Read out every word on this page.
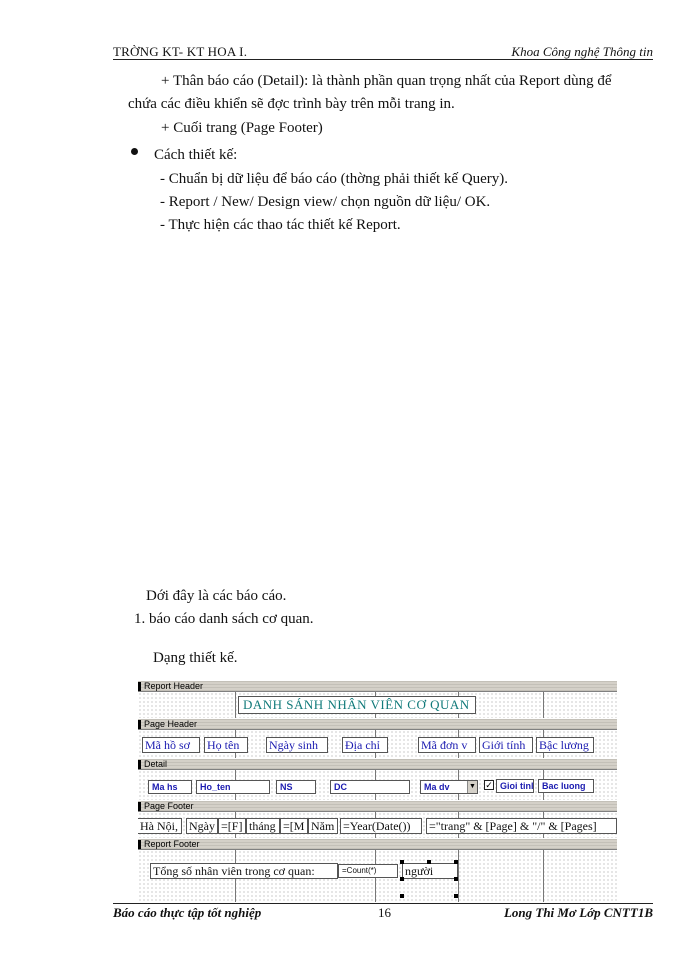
TRỜNG KT- KT HOA I.	Khoa Công nghệ Thông tin
+ Thân báo cáo (Detail): là thành phần quan trọng nhất của Report dùng để
chứa các điều khiển sẽ đợc trình bày trên mỗi trang in.
+ Cuối trang (Page Footer)
Cách thiết kế:
- Chuẩn bị dữ liệu để báo cáo (thờng phải thiết kế Query).
- Report / New/ Design view/ chọn nguồn dữ liệu/ OK.
- Thực hiện các thao tác thiết kế Report.
Dới đây là các báo cáo.
1. báo cáo danh sách cơ quan.
Dạng thiết kế.
Report Header
Page Header
Detail
Page Footer
Report Footer
DANH SÁNH NHÂN VIÊN CƠ QUAN
Mã hồ sơ	Họ tên	Ngày sinh	Địa chỉ	Mã đơn v	Giới tính	Bậc lương
Ma hs	Ho_ten	NS	DC	Ma dv	▼ ✓ Gioi tinl Bac luong
Hà Nội, Ngày =[F] tháng =[M Năm =Year(Date())	="trang" & [Page] & "/" & [Pages]
Tổng số nhân viên trong cơ quan:	=Count(*)	người
Báo cáo thực tập tốt nghiệp	16	Long Thi Mơ Lớp CNTT1B
